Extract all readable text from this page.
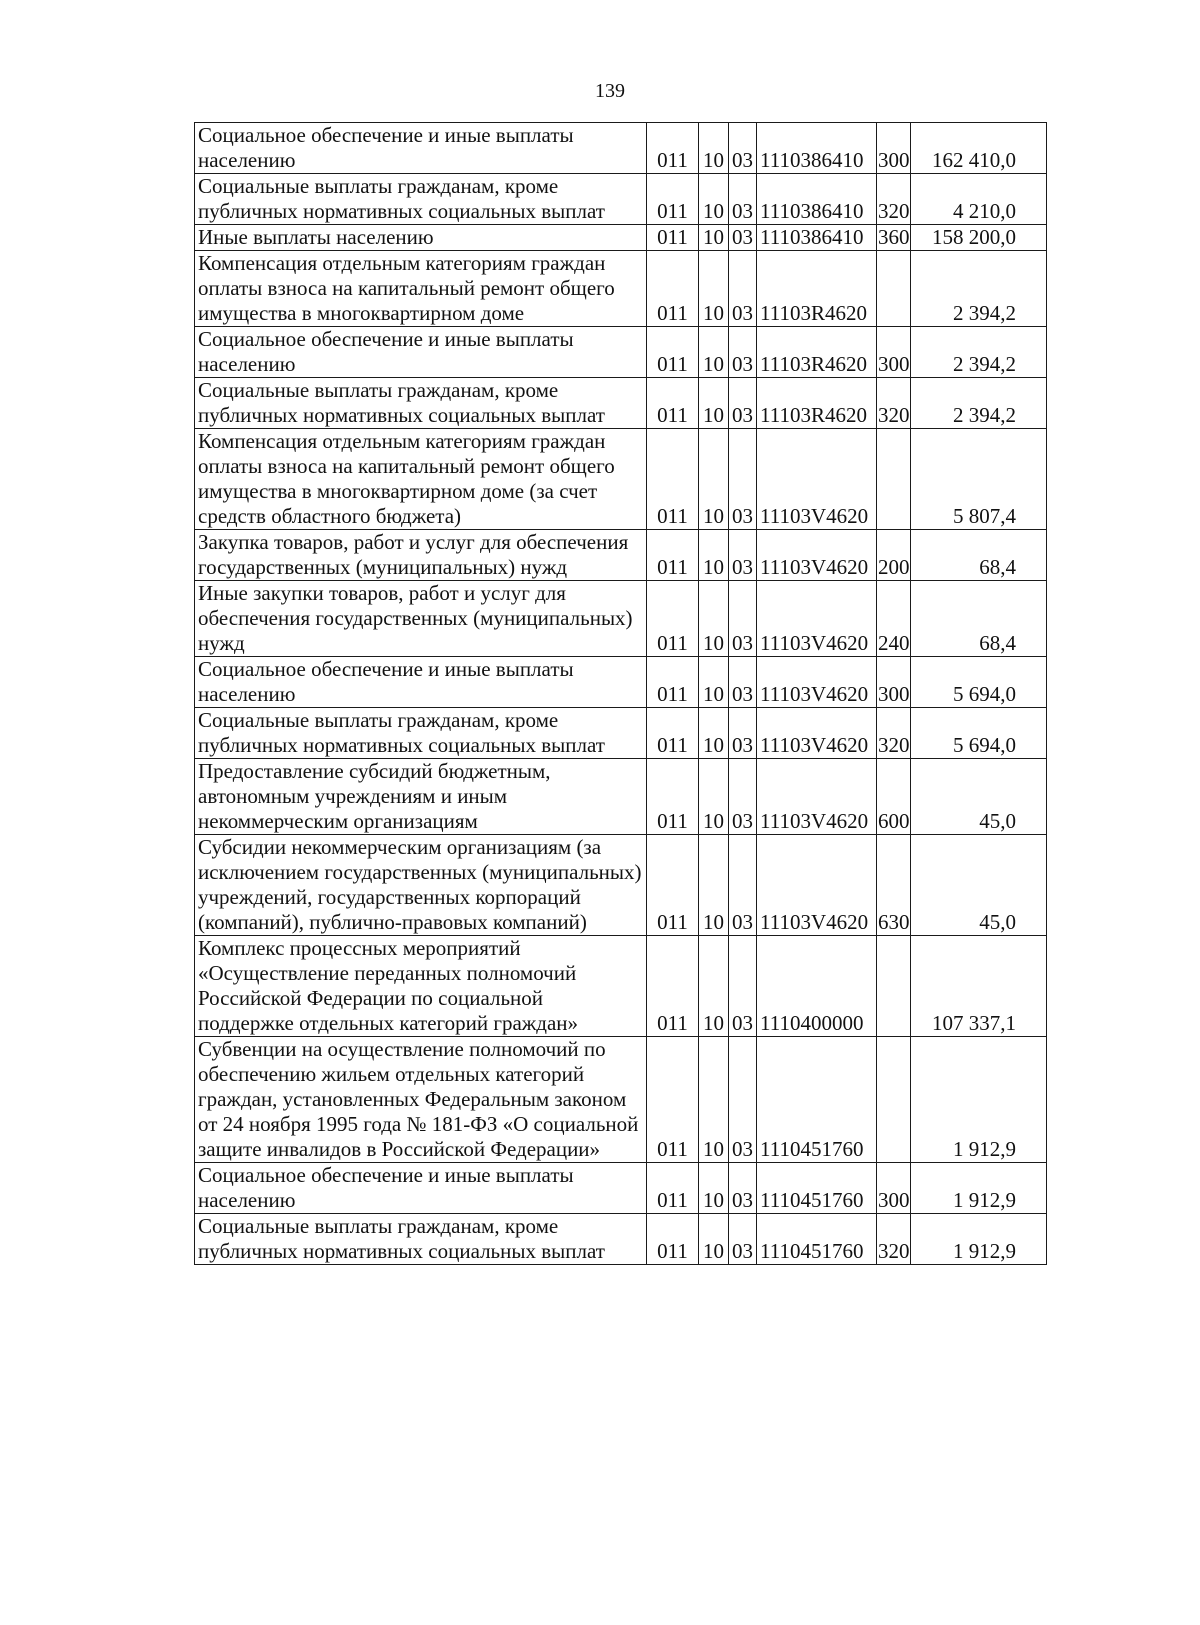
139
Социальное обеспечение и иные выплаты населению	011	10	03	1110386410	300	162 410,0
Социальные выплаты гражданам, кроме публичных нормативных социальных выплат	011	10	03	1110386410	320	4 210,0
Иные выплаты населению	011	10	03	1110386410	360	158 200,0
Компенсация отдельным категориям граждан оплаты взноса на капитальный ремонт общего имущества в многоквартирном доме	011	10	03	11103R4620		2 394,2
Социальное обеспечение и иные выплаты населению	011	10	03	11103R4620	300	2 394,2
Социальные выплаты гражданам, кроме публичных нормативных социальных выплат	011	10	03	11103R4620	320	2 394,2
Компенсация отдельным категориям граждан оплаты взноса на капитальный ремонт общего имущества в многоквартирном доме (за счет средств областного бюджета)	011	10	03	11103V4620		5 807,4
Закупка товаров, работ и услуг для обеспечения государственных (муниципальных) нужд	011	10	03	11103V4620	200	68,4
Иные закупки товаров, работ и услуг для обеспечения государственных (муниципальных) нужд	011	10	03	11103V4620	240	68,4
Социальное обеспечение и иные выплаты населению	011	10	03	11103V4620	300	5 694,0
Социальные выплаты гражданам, кроме публичных нормативных социальных выплат	011	10	03	11103V4620	320	5 694,0
Предоставление субсидий бюджетным, автономным учреждениям и иным некоммерческим организациям	011	10	03	11103V4620	600	45,0
Субсидии некоммерческим организациям (за исключением государственных (муниципальных) учреждений, государственных корпораций (компаний), публично-правовых компаний)	011	10	03	11103V4620	630	45,0
Комплекс процессных мероприятий «Осуществление переданных полномочий Российской Федерации по социальной поддержке отдельных категорий граждан»	011	10	03	1110400000		107 337,1
Субвенции на осуществление полномочий по обеспечению жильем отдельных категорий граждан, установленных Федеральным законом от 24 ноября 1995 года № 181-ФЗ «О социальной защите инвалидов в Российской Федерации»	011	10	03	1110451760		1 912,9
Социальное обеспечение и иные выплаты населению	011	10	03	1110451760	300	1 912,9
Социальные выплаты гражданам, кроме публичных нормативных социальных выплат	011	10	03	1110451760	320	1 912,9
